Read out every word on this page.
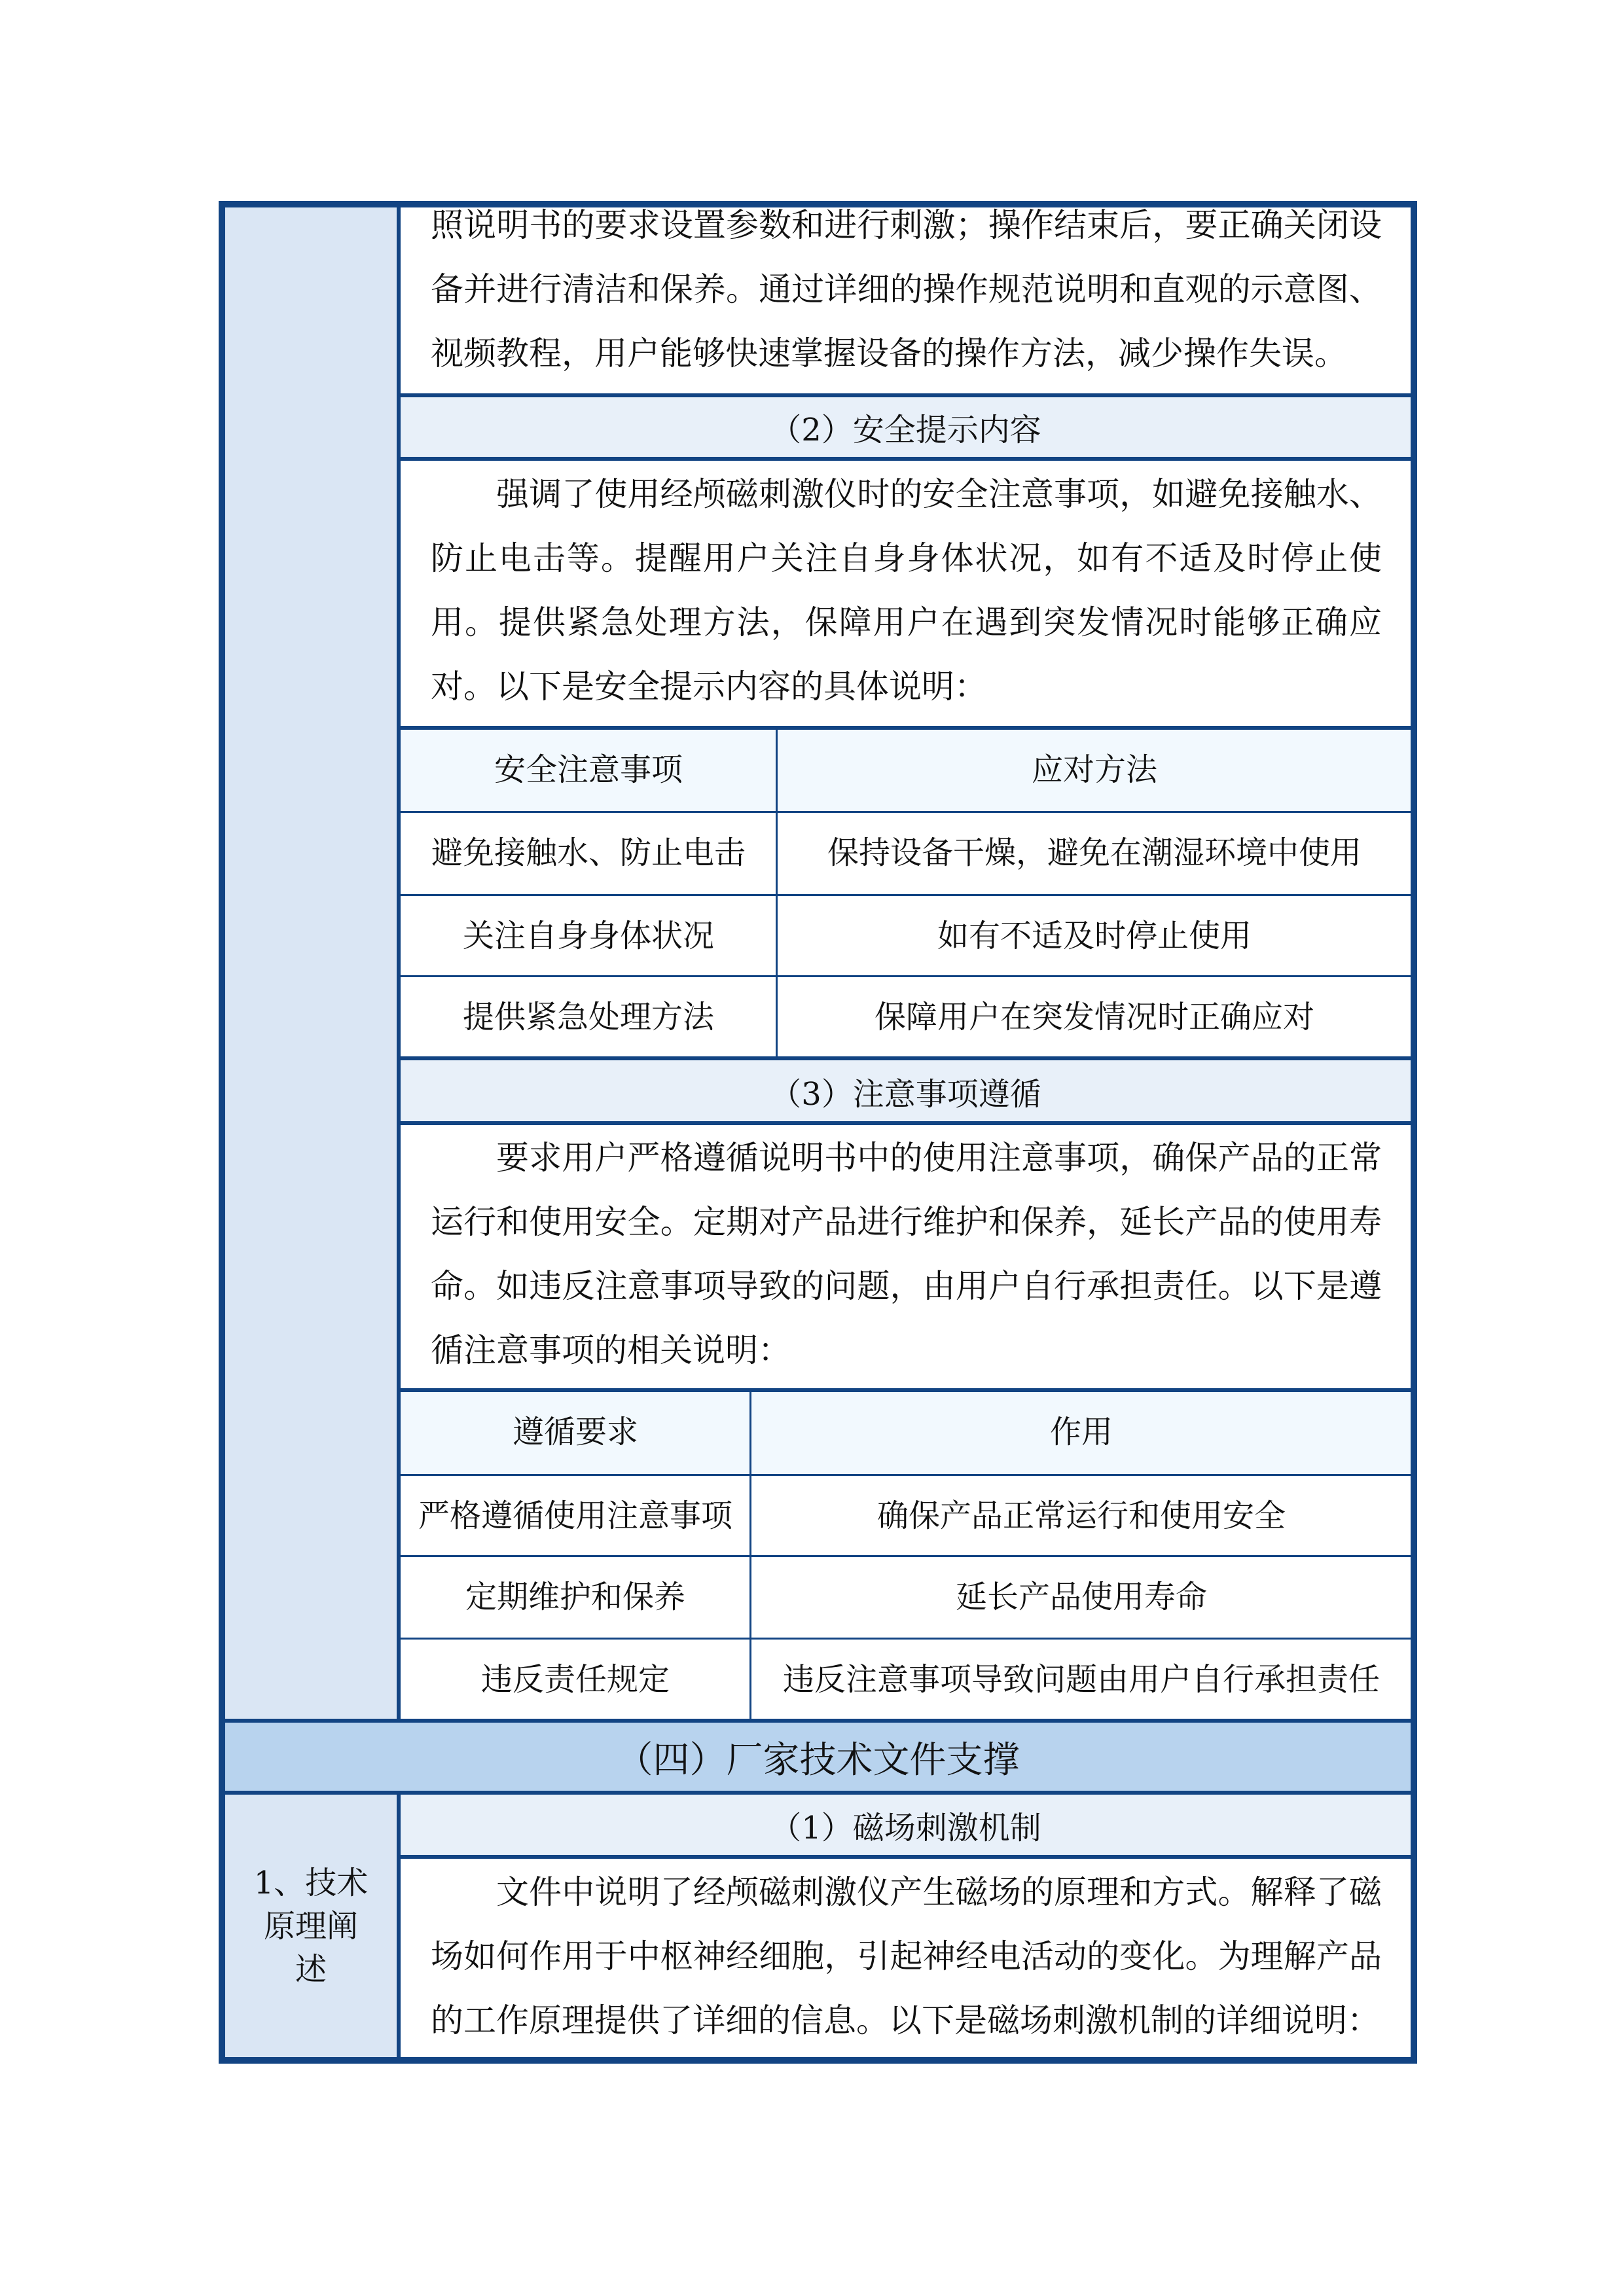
照说明书的要求设置参数和进行刺激；操作结束后，要正确关闭设备并进行清洁和保养。通过详细的操作规范说明和直观的示意图、视频教程，用户能够快速掌握设备的操作方法，减少操作失误。
（2）安全提示内容
强调了使用经颅磁刺激仪时的安全注意事项，如避免接触水、防止电击等。提醒用户关注自身身体状况，如有不适及时停止使用。提供紧急处理方法，保障用户在遇到突发情况时能够正确应对。以下是安全提示内容的具体说明：
安全注意事项	应对方法
避免接触水、防止电击	保持设备干燥，避免在潮湿环境中使用
关注自身身体状况	如有不适及时停止使用
提供紧急处理方法	保障用户在突发情况时正确应对
（3）注意事项遵循
要求用户严格遵循说明书中的使用注意事项，确保产品的正常运行和使用安全。定期对产品进行维护和保养，延长产品的使用寿命。如违反注意事项导致的问题，由用户自行承担责任。以下是遵循注意事项的相关说明：
遵循要求	作用
严格遵循使用注意事项	确保产品正常运行和使用安全
定期维护和保养	延长产品使用寿命
违反责任规定	违反注意事项导致问题由用户自行承担责任
（四）厂家技术文件支撑
1、技术原理阐述
（1）磁场刺激机制
文件中说明了经颅磁刺激仪产生磁场的原理和方式。解释了磁场如何作用于中枢神经细胞，引起神经电活动的变化。为理解产品的工作原理提供了详细的信息。以下是磁场刺激机制的详细说明：
